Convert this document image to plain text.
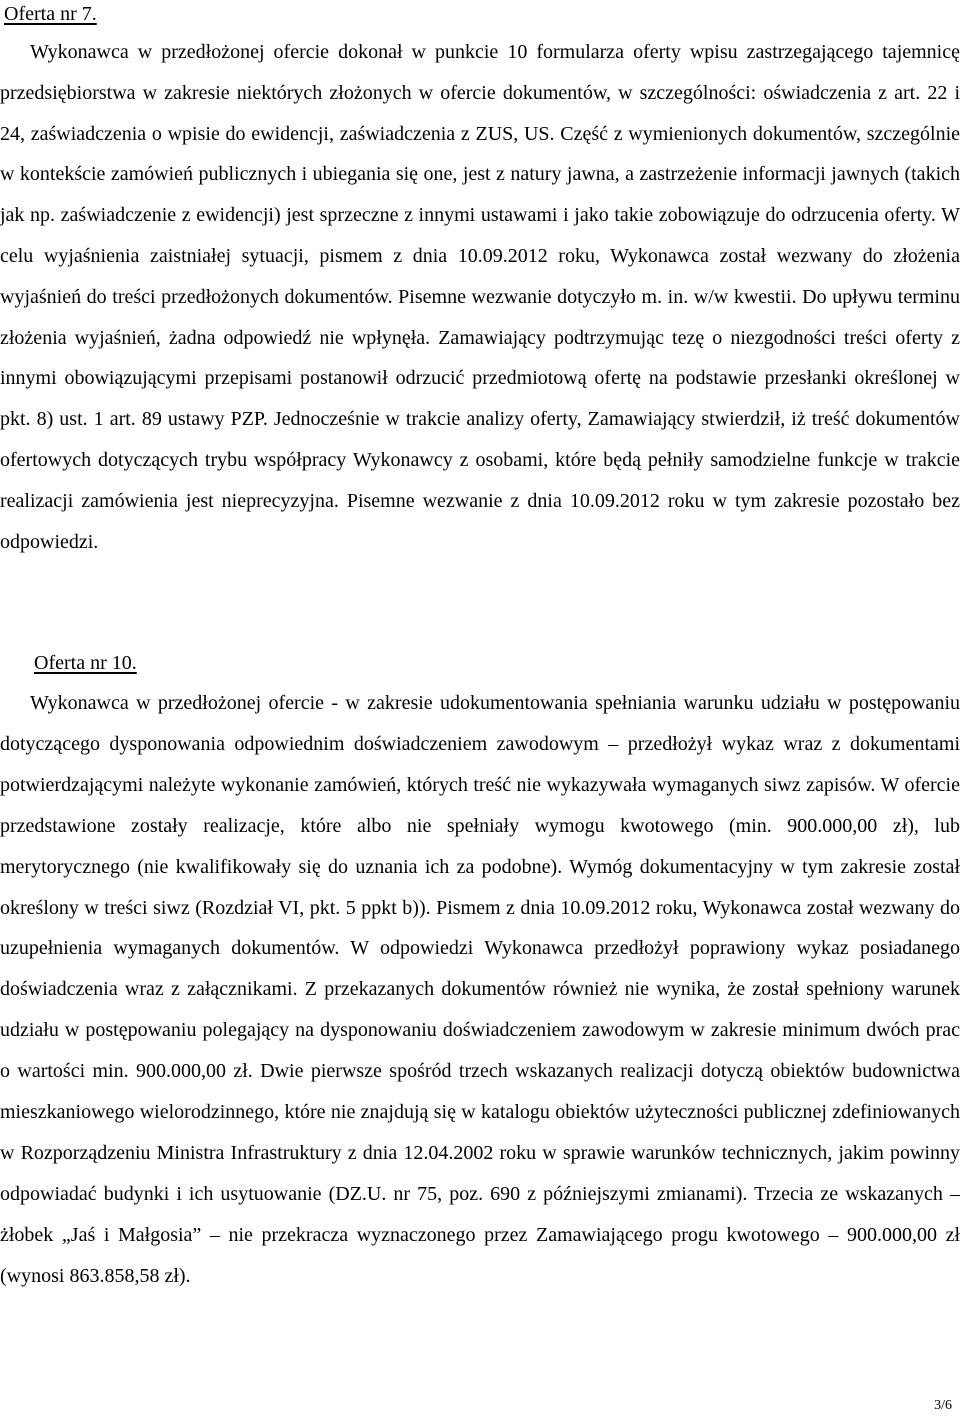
Oferta nr 7.

Wykonawca w przedłożonej ofercie dokonał w punkcie 10 formularza oferty wpisu zastrzegającego tajemnicę przedsiębiorstwa w zakresie niektórych złożonych w ofercie dokumentów, w szczególności: oświadczenia z art. 22 i 24, zaświadczenia o wpisie do ewidencji, zaświadczenia z ZUS, US. Część z wymienionych dokumentów, szczególnie w kontekście zamówień publicznych i ubiegania się one, jest z natury jawna, a zastrzeżenie informacji jawnych (takich jak np. zaświadczenie z ewidencji) jest sprzeczne z innymi ustawami i jako takie zobowiązuje do odrzucenia oferty. W celu wyjaśnienia zaistniałej sytuacji, pismem z dnia 10.09.2012 roku, Wykonawca został wezwany do złożenia wyjaśnień do treści przedłożonych dokumentów. Pisemne wezwanie dotyczyło m. in. w/w kwestii. Do upływu terminu złożenia wyjaśnień, żadna odpowiedź nie wpłynęła. Zamawiający podtrzymując tezę o niezgodności treści oferty z innymi obowiązującymi przepisami postanowił odrzucić przedmiotową ofertę na podstawie przesłanki określonej w pkt. 8) ust. 1 art. 89 ustawy PZP. Jednocześnie w trakcie analizy oferty, Zamawiający stwierdził, iż treść dokumentów ofertowych dotyczących trybu współpracy Wykonawcy z osobami, które będą pełniły samodzielne funkcje w trakcie realizacji zamówienia jest nieprecyzyjna. Pisemne wezwanie z dnia 10.09.2012 roku w tym zakresie pozostało bez odpowiedzi.

Oferta nr 10.

Wykonawca w przedłożonej ofercie - w zakresie udokumentowania spełniania warunku udziału w postępowaniu dotyczącego dysponowania odpowiednim doświadczeniem zawodowym – przedłożył wykaz wraz z dokumentami potwierdzającymi należyte wykonanie zamówień, których treść nie wykazywała wymaganych siwz zapisów. W ofercie przedstawione zostały realizacje, które albo nie spełniały wymogu kwotowego (min. 900.000,00 zł), lub merytorycznego (nie kwalifikowały się do uznania ich za podobne). Wymóg dokumentacyjny w tym zakresie został określony w treści siwz (Rozdział VI, pkt. 5 ppkt b)). Pismem z dnia 10.09.2012 roku, Wykonawca został wezwany do uzupełnienia wymaganych dokumentów. W odpowiedzi Wykonawca przedłożył poprawiony wykaz posiadanego doświadczenia wraz z załącznikami. Z przekazanych dokumentów również nie wynika, że został spełniony warunek udziału w postępowaniu polegający na dysponowaniu doświadczeniem zawodowym w zakresie minimum dwóch prac o wartości min. 900.000,00 zł. Dwie pierwsze spośród trzech wskazanych realizacji dotyczą obiektów budownictwa mieszkaniowego wielorodzinnego, które nie znajdują się w katalogu obiektów użyteczności publicznej zdefiniowanych w Rozporządzeniu Ministra Infrastruktury z dnia 12.04.2002 roku w sprawie warunków technicznych, jakim powinny odpowiadać budynki i ich usytuowanie (DZ.U. nr 75, poz. 690 z późniejszymi zmianami). Trzecia ze wskazanych – żłobek „Jaś i Małgosia” – nie przekracza wyznaczonego przez Zamawiającego progu kwotowego – 900.000,00 zł (wynosi 863.858,58 zł).

3/6
